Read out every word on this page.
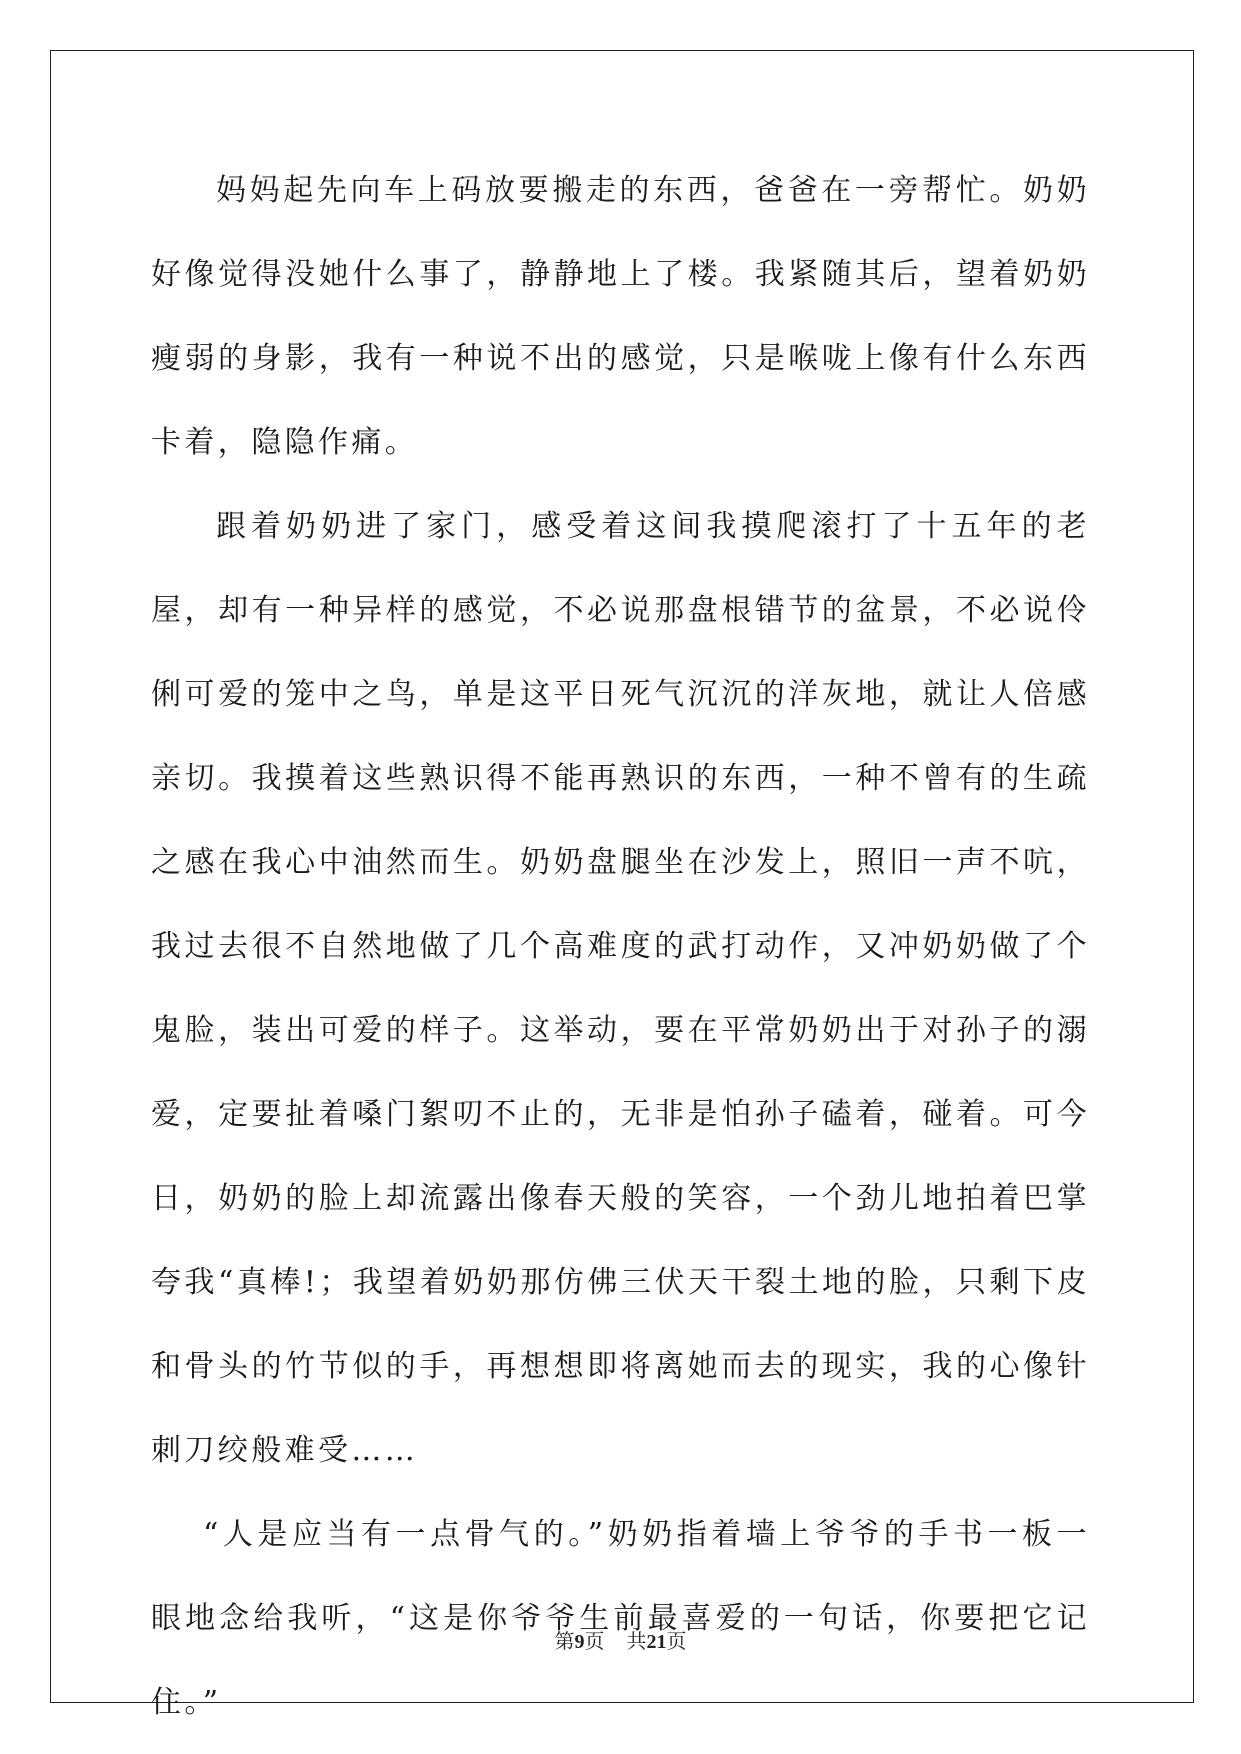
妈妈起先向车上码放要搬走的东西，爸爸在一旁帮忙。奶奶好像觉得没她什么事了，静静地上了楼。我紧随其后，望着奶奶瘦弱的身影，我有一种说不出的感觉，只是喉咙上像有什么东西卡着，隐隐作痛。

跟着奶奶进了家门，感受着这间我摸爬滚打了十五年的老屋，却有一种异样的感觉，不必说那盘根错节的盆景，不必说伶俐可爱的笼中之鸟，单是这平日死气沉沉的洋灰地，就让人倍感亲切。我摸着这些熟识得不能再熟识的东西，一种不曾有的生疏之感在我心中油然而生。奶奶盘腿坐在沙发上，照旧一声不吭，我过去很不自然地做了几个高难度的武打动作，又冲奶奶做了个鬼脸，装出可爱的样子。这举动，要在平常奶奶出于对孙子的溺爱，定要扯着嗓门絮叨不止的，无非是怕孙子磕着，碰着。可今日，奶奶的脸上却流露出像春天般的笑容，一个劲儿地拍着巴掌夸我“真棒!；我望着奶奶那仿佛三伏天干裂土地的脸，只剩下皮和骨头的竹节似的手，再想想即将离她而去的现实，我的心像针刺刀绞般难受……

“人是应当有一点骨气的。”奶奶指着墙上爷爷的手书一板一眼地念给我听，“这是你爷爷生前最喜爱的一句话，你要把它记住。”

第9页 共21页
